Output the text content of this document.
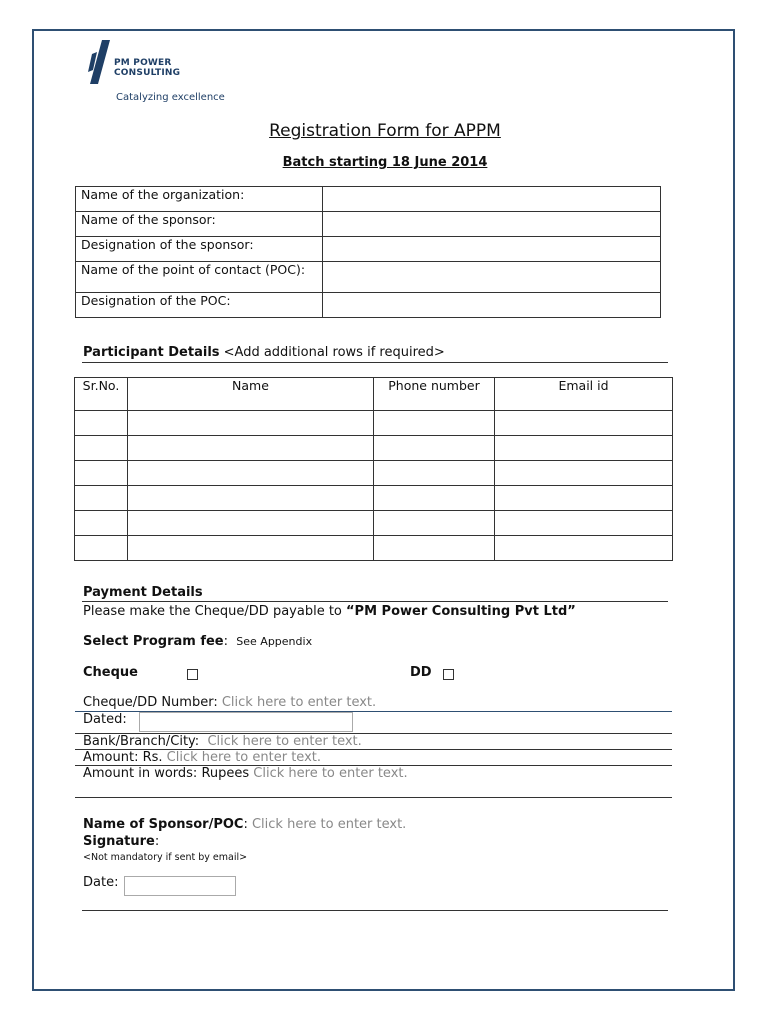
PM POWER
CONSULTING
Catalyzing excellence
Registration Form for APPM
Batch starting 18 June 2014
Name of the organization:	
Name of the sponsor:	
Designation of the sponsor:	
Name of the point of contact (POC):	
Designation of the POC:	
Participant Details <Add additional rows if required>
Sr.No.	Name	Phone number	Email id

Payment Details
Please make the Cheque/DD payable to “PM Power Consulting Pvt Ltd”
Select Program fee:  See Appendix
Cheque	DD
Cheque/DD Number: Click here to enter text.
Dated:
Bank/Branch/City: Click here to enter text.
Amount: Rs. Click here to enter text.
Amount in words: Rupees Click here to enter text.
Name of Sponsor/POC: Click here to enter text.
Signature:
<Not mandatory if sent by email>
Date:
